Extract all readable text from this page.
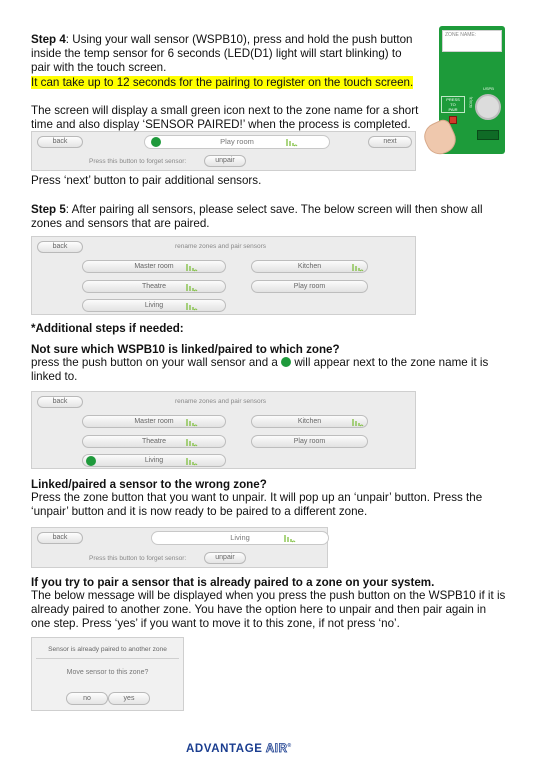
Step 4: Using your wall sensor (WSPB10), press and hold the push button inside the temp sensor for 6 seconds (LED(D1) light will start blinking) to pair with the touch screen.

It can take up to 12 seconds for the pairing to register on the touch screen.

The screen will display a small green icon next to the zone name for a short time and also display ‘SENSOR PAIRED!’ when the process is completed.

ZONE NAME:
USPB
SD0(3)
PRESS
TO
PAIR
back	Play room	next
Press this button to forget sensor:	unpair

Press ‘next’ button to pair additional sensors.

Step 5: After pairing all sensors, please select save. The below screen will then show all zones and sensors that are paired.

back	rename zones and pair sensors
Master room	Kitchen
Theatre	Play room
Living

*Additional steps if needed:

Not sure which WSPB10 is linked/paired to which zone?

press the push button on your wall sensor and a will appear next to the zone name it is linked to.

back	rename zones and pair sensors
Master room	Kitchen
Theatre	Play room
Living

Linked/paired a sensor to the wrong zone?

Press the zone button that you want to unpair. It will pop up an ‘unpair’ button. Press the ‘unpair’ button and it is now ready to be paired to a different zone.

back	Living
Press this button to forget sensor:	unpair

If you try to pair a sensor that is already paired to a zone on your system.

The below message will be displayed when you press the push button on the WSPB10 if it is already paired to another zone. You have the option here to unpair and then pair again in one step. Press ‘yes’ if you want to move it to this zone, if not press ‘no’.

Sensor is already paired to another zone
Move sensor to this zone?
no	yes
ADVANTAGE AIR®
